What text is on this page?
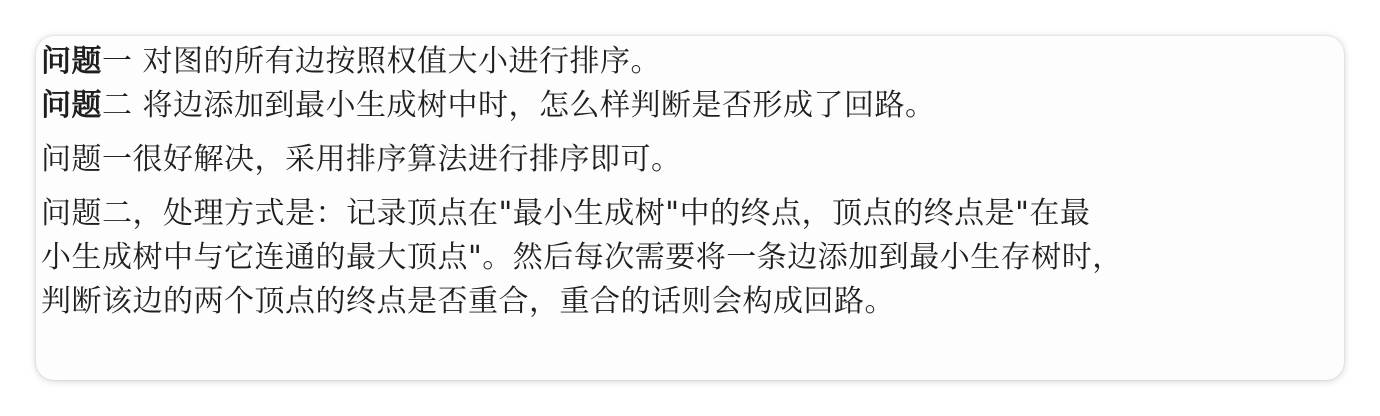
问题一 对图的所有边按照权值大小进行排序。
问题二 将边添加到最小生成树中时，怎么样判断是否形成了回路。
问题一很好解决，采用排序算法进行排序即可。
问题二，处理方式是：记录顶点在"最小生成树"中的终点，顶点的终点是"在最
小生成树中与它连通的最大顶点"。然后每次需要将一条边添加到最小生存树时，
判断该边的两个顶点的终点是否重合，重合的话则会构成回路。
